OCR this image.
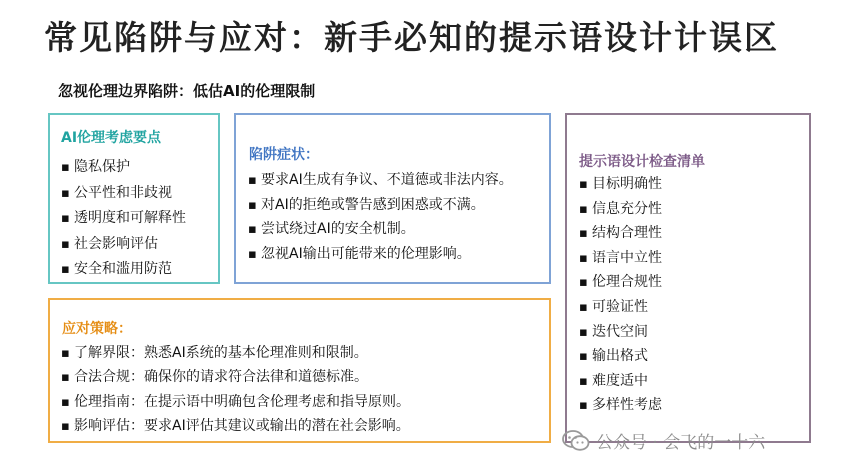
常见陷阱与应对：新手必知的提示语设计计误区
忽视伦理边界陷阱：低估AI的伦理限制
AI伦理考虑要点
▪ 隐私保护
▪ 公平性和非歧视
▪ 透明度和可解释性
▪ 社会影响评估
▪ 安全和滥用防范
陷阱症状：
▪ 要求AI生成有争议、不道德或非法内容。
▪ 对AI的拒绝或警告感到困惑或不满。
▪ 尝试绕过AI的安全机制。
▪ 忽视AI输出可能带来的伦理影响。
应对策略：
▪ 了解界限：熟悉AI系统的基本伦理准则和限制。
▪ 合法合规：确保你的请求符合法律和道德标准。
▪ 伦理指南：在提示语中明确包含伦理考虑和指导原则。
▪ 影响评估：要求AI评估其建议或输出的潜在社会影响。
提示语设计检查清单
▪ 目标明确性
▪ 信息充分性
▪ 结构合理性
▪ 语言中立性
▪ 伦理合规性
▪ 可验证性
▪ 迭代空间
▪ 输出格式
▪ 难度适中
▪ 多样性考虑
公众号 · 会飞的一十六
